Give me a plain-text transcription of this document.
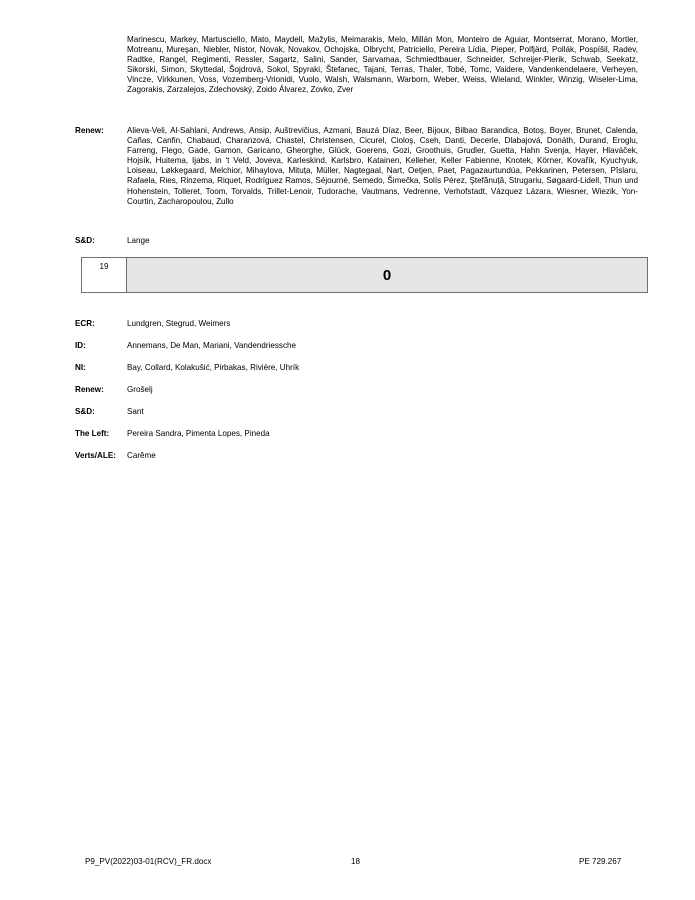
Marinescu, Markey, Martusciello, Mato, Maydell, Mažylis, Meimarakis, Melo, Millán Mon, Monteiro de Aguiar, Montserrat, Morano, Mortler, Motreanu, Mureşan, Niebler, Nistor, Novak, Novakov, Ochojska, Olbrycht, Patriciello, Pereira Lídia, Pieper, Polfjärd, Pollák, Pospíšil, Radev, Radtke, Rangel, Regimenti, Ressler, Sagartz, Salini, Sander, Sarvamaa, Schmiedtbauer, Schneider, Schreijer-Pierik, Schwab, Seekatz, Sikorski, Simon, Skyttedal, Šojdrová, Sokol, Spyraki, Štefanec, Tajani, Terras, Thaler, Tobé, Tomc, Vaidere, Vandenkendelaere, Verheyen, Vincze, Virkkunen, Voss, Vozemberg-Vrionidi, Vuolo, Walsh, Walsmann, Warborn, Weber, Weiss, Wieland, Winkler, Winzig, Wiseler-Lima, Zagorakis, Zarzalejos, Zdechovský, Zoido Álvarez, Zovko, Zver
Renew:	Alieva-Veli, Al-Sahlani, Andrews, Ansip, Auštrevičius, Azmani, Bauzá Díaz, Beer, Bijoux, Bilbao Barandica, Botoş, Boyer, Brunet, Calenda, Cañas, Canfin, Chabaud, Charanzová, Chastel, Christensen, Cicurel, Cioloş, Cseh, Danti, Decerle, Dlabajová, Donáth, Durand, Eroglu, Farreng, Flego, Gade, Gamon, Garicano, Gheorghe, Glück, Goerens, Gozi, Groothuis, Grudler, Guetta, Hahn Svenja, Hayer, Hlaváček, Hojsík, Huitema, Ijabs, in 't Veld, Joveva, Karleskind, Karlsbro, Katainen, Kelleher, Keller Fabienne, Knotek, Körner, Kovařík, Kyuchyuk, Loiseau, Løkkegaard, Melchior, Mihaylova, Mituța, Müller, Nagtegaal, Nart, Oetjen, Paet, Pagazaurtundúa, Pekkarinen, Petersen, Pîslaru, Rafaela, Ries, Rinzema, Riquet, Rodríguez Ramos, Séjourné, Semedo, Šimečka, Solís Pérez, Ştefănuță, Strugariu, Søgaard-Lidell, Thun und Hohenstein, Tolleret, Toom, Torvalds, Trillet-Lenoir, Tudorache, Vautmans, Vedrenne, Verhofstadt, Vázquez Lázara, Wiesner, Wiezik, Yon-Courtin, Zacharopoulou, Zullo
S&D:	Lange
19	0
ECR:	Lundgren, Stegrud, Weimers
ID:	Annemans, De Man, Mariani, Vandendriessche
NI:	Bay, Collard, Kolakušić, Pirbakas, Rivière, Uhrík
Renew:	Grošelj
S&D:	Sant
The Left:	Pereira Sandra, Pimenta Lopes, Pineda
Verts/ALE:	Carême
P9_PV(2022)03-01(RCV)_FR.docx	18	PE 729.267
